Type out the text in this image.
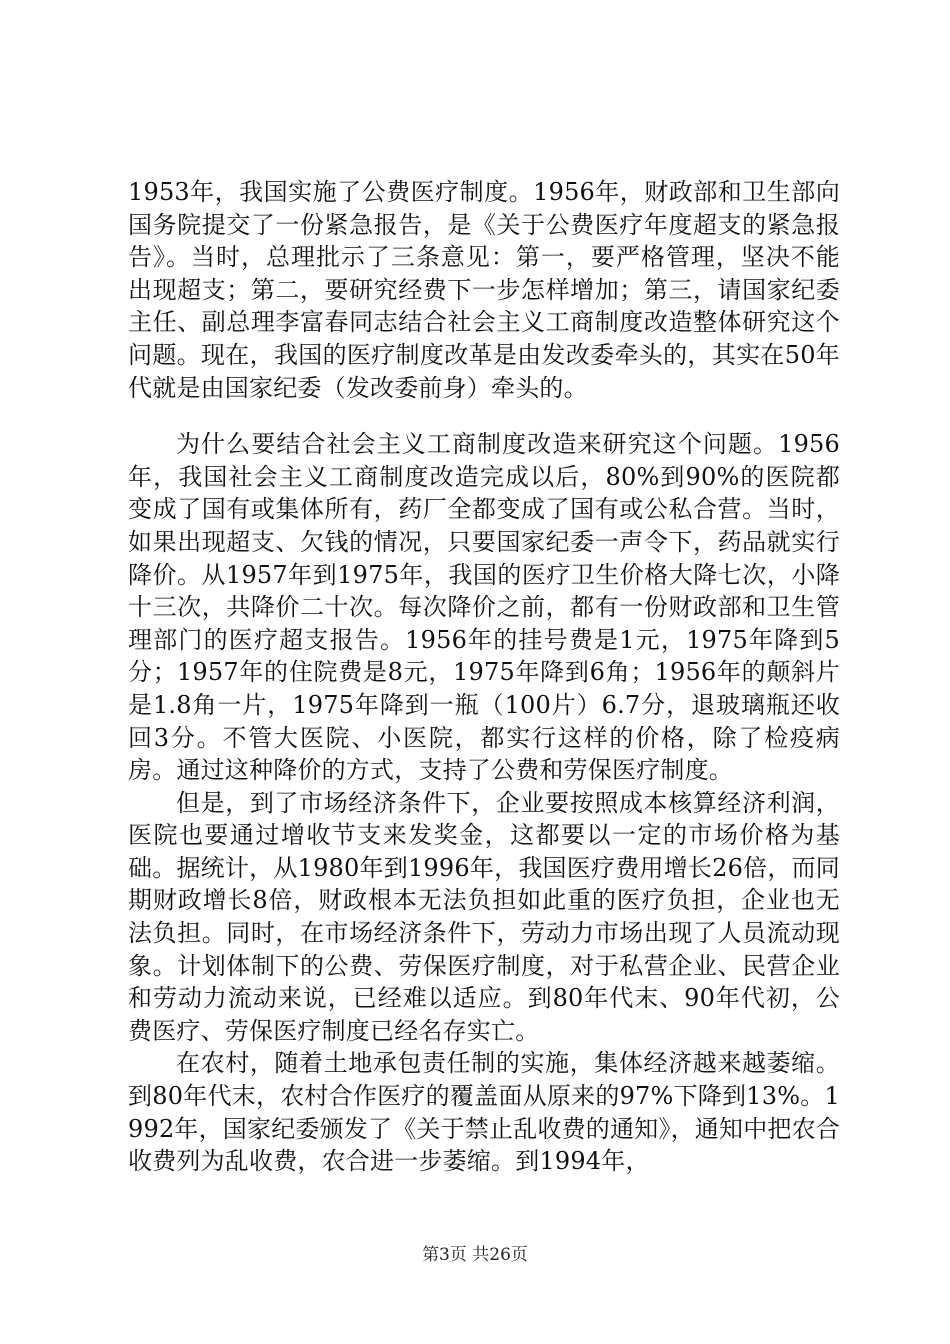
1953年，我国实施了公费医疗制度。1956年，财政部和卫生部向国务院提交了一份紧急报告，是《关于公费医疗年度超支的紧急报告》。当时，总理批示了三条意见：第一，要严格管理，坚决不能出现超支；第二，要研究经费下一步怎样增加；第三，请国家纪委主任、副总理李富春同志结合社会主义工商制度改造整体研究这个问题。现在，我国的医疗制度改革是由发改委牵头的，其实在50年代就是由国家纪委（发改委前身）牵头的。

为什么要结合社会主义工商制度改造来研究这个问题。1956年，我国社会主义工商制度改造完成以后，80%到90%的医院都变成了国有或集体所有，药厂全都变成了国有或公私合营。当时，如果出现超支、欠钱的情况，只要国家纪委一声令下，药品就实行降价。从1957年到1975年，我国的医疗卫生价格大降七次，小降十三次，共降价二十次。每次降价之前，都有一份财政部和卫生管理部门的医疗超支报告。1956年的挂号费是1元，1975年降到5分；1957年的住院费是8元，1975年降到6角；1956年的颠斜片是1.8角一片，1975年降到一瓶（100片）6.7分，退玻璃瓶还收回3分。不管大医院、小医院，都实行这样的价格，除了检疫病房。通过这种降价的方式，支持了公费和劳保医疗制度。

但是，到了市场经济条件下，企业要按照成本核算经济利润，医院也要通过增收节支来发奖金，这都要以一定的市场价格为基础。据统计，从1980年到1996年，我国医疗费用增长26倍，而同期财政增长8倍，财政根本无法负担如此重的医疗负担，企业也无法负担。同时，在市场经济条件下，劳动力市场出现了人员流动现象。计划体制下的公费、劳保医疗制度，对于私营企业、民营企业和劳动力流动来说，已经难以适应。到80年代末、90年代初，公费医疗、劳保医疗制度已经名存实亡。

在农村，随着土地承包责任制的实施，集体经济越来越萎缩。到80年代末，农村合作医疗的覆盖面从原来的97%下降到13%。1992年，国家纪委颁发了《关于禁止乱收费的通知》，通知中把农合收费列为乱收费，农合进一步萎缩。到1994年，

第3页 共26页
